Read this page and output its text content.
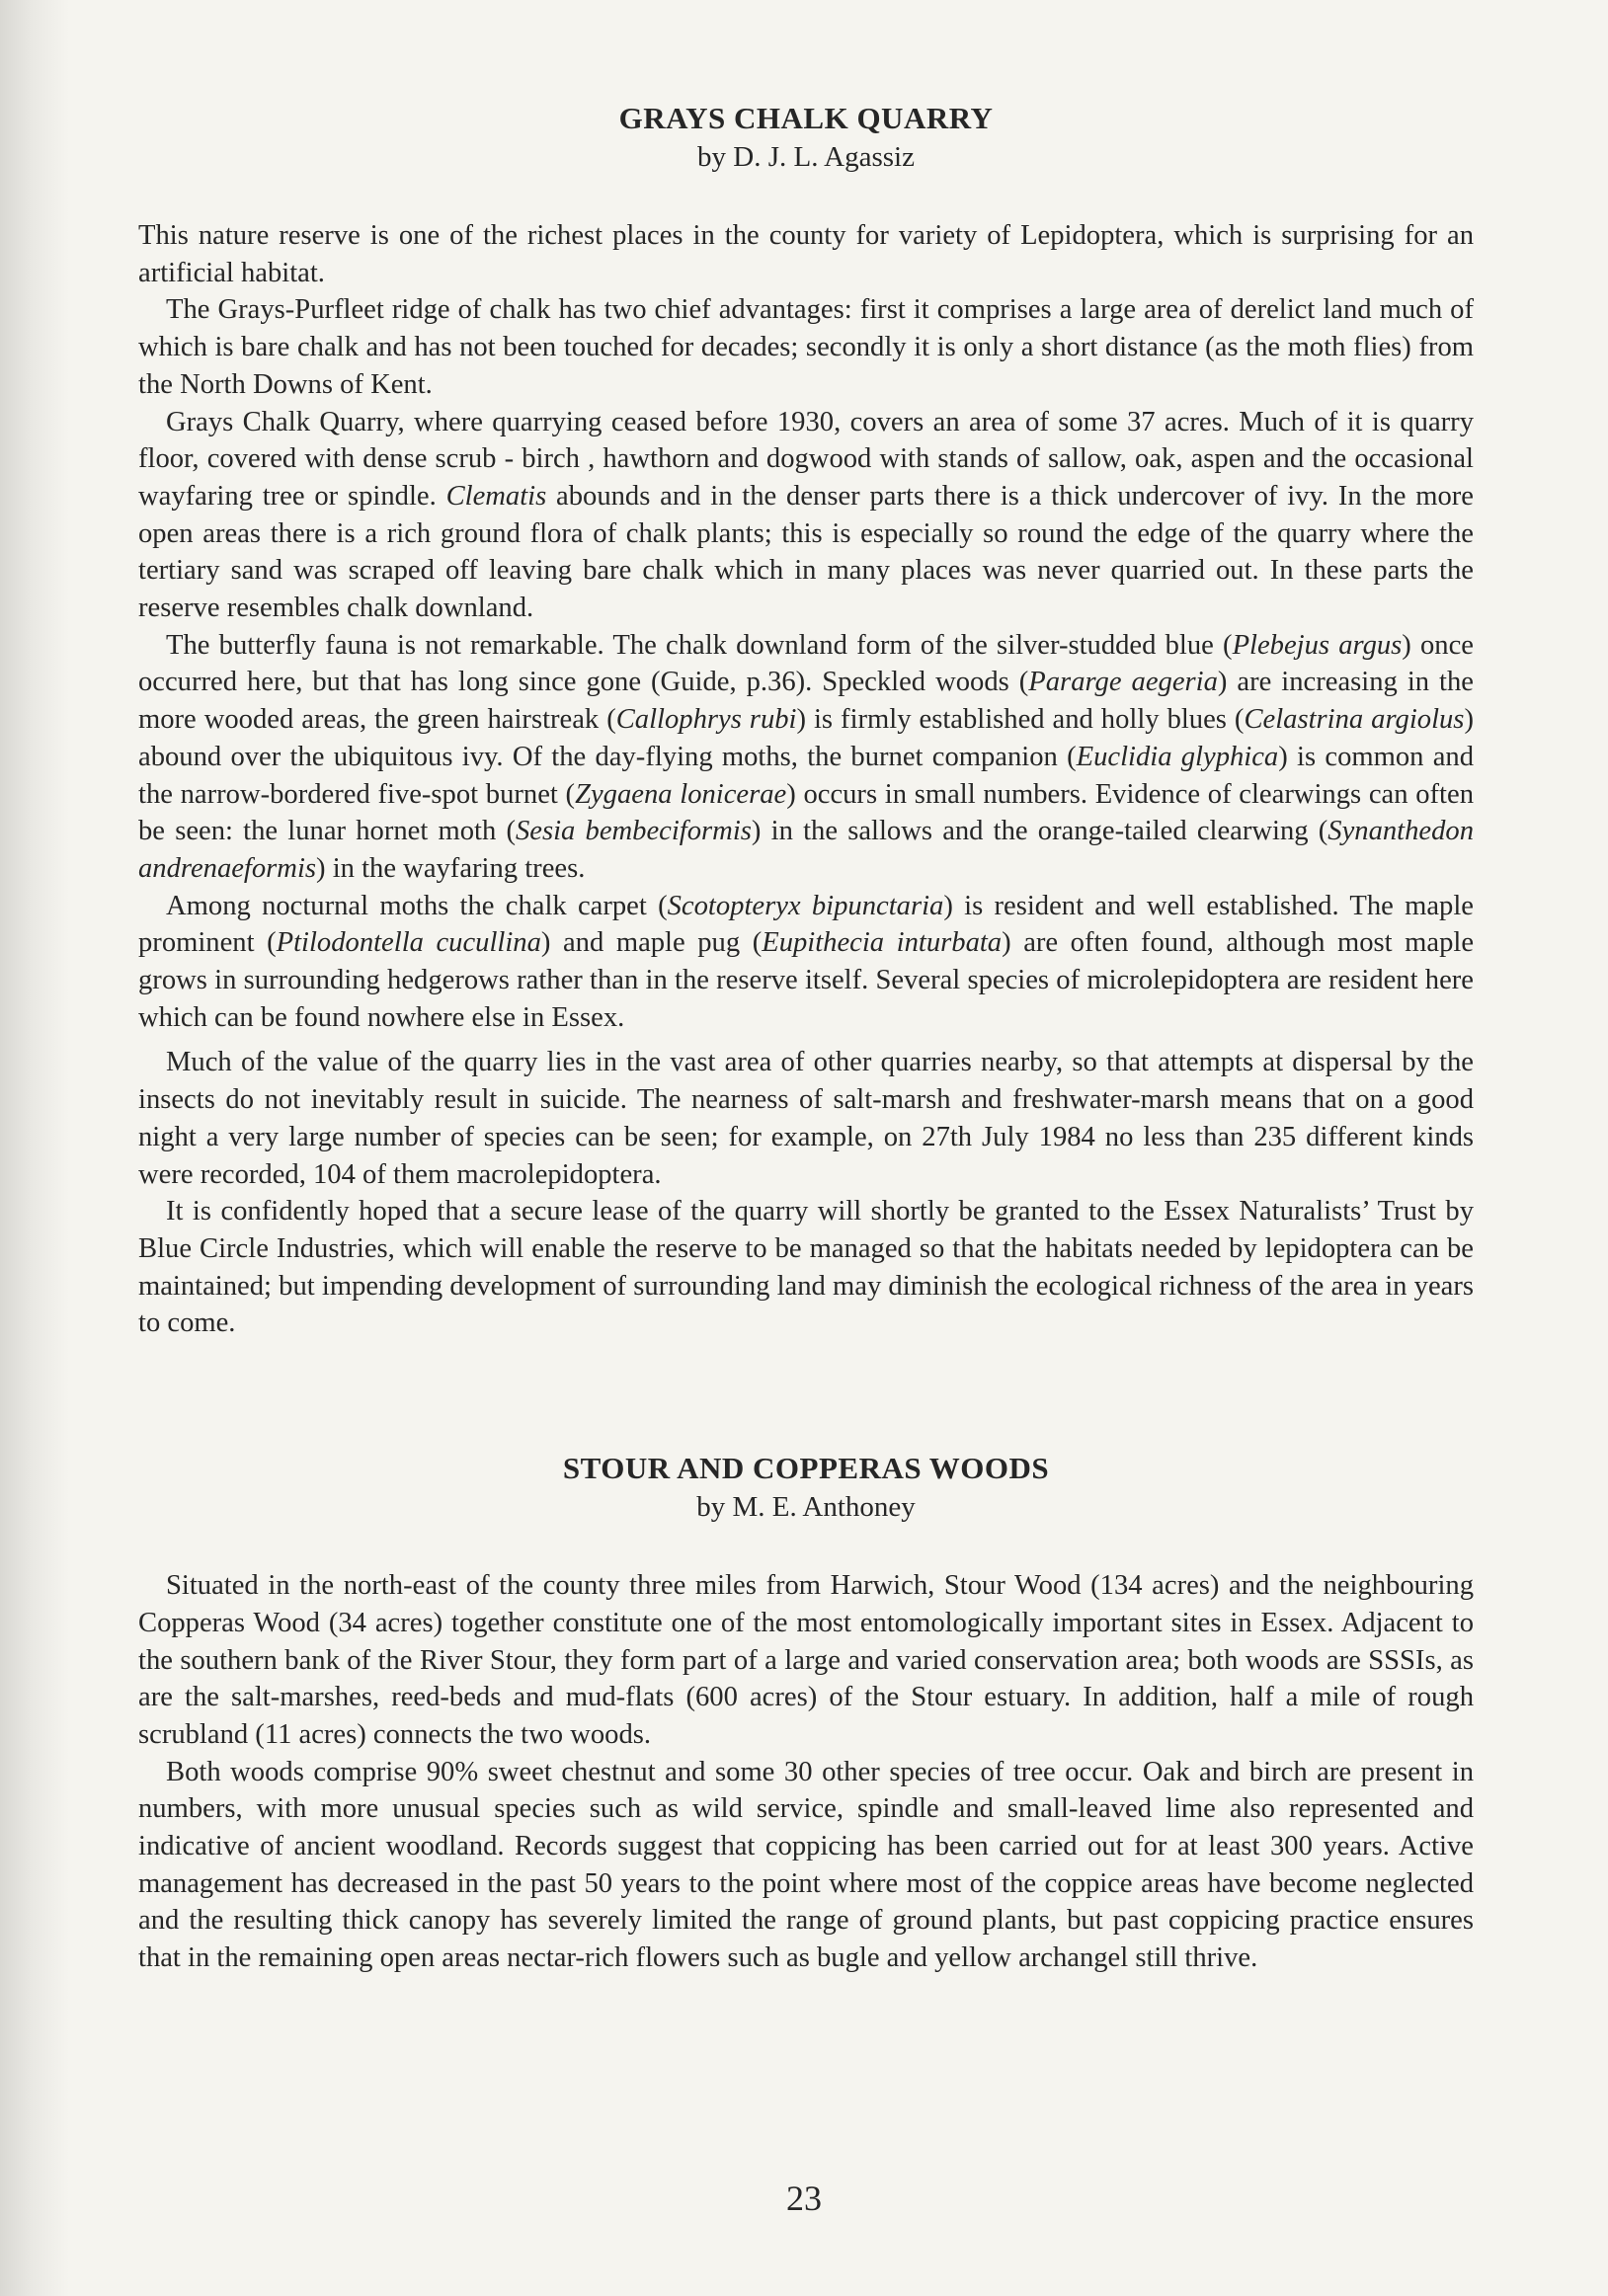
GRAYS CHALK QUARRY
by D. J. L. Agassiz

This nature reserve is one of the richest places in the county for variety of Lepidoptera, which is surprising for an artificial habitat.

The Grays-Purfleet ridge of chalk has two chief advantages: first it comprises a large area of derelict land much of which is bare chalk and has not been touched for decades; secondly it is only a short distance (as the moth flies) from the North Downs of Kent.

Grays Chalk Quarry, where quarrying ceased before 1930, covers an area of some 37 acres. Much of it is quarry floor, covered with dense scrub - birch , hawthorn and dogwood with stands of sallow, oak, aspen and the occasional wayfaring tree or spindle. Clematis abounds and in the denser parts there is a thick undercover of ivy. In the more open areas there is a rich ground flora of chalk plants; this is especially so round the edge of the quarry where the tertiary sand was scraped off leaving bare chalk which in many places was never quarried out. In these parts the reserve resembles chalk downland.

The butterfly fauna is not remarkable. The chalk downland form of the silver-studded blue (Plebejus argus) once occurred here, but that has long since gone (Guide, p.36). Speckled woods (Pararge aegeria) are increasing in the more wooded areas, the green hairstreak (Callophrys rubi) is firmly established and holly blues (Celastrina argiolus) abound over the ubiquitous ivy. Of the day-flying moths, the burnet companion (Euclidia glyphica) is common and the narrow-bordered five-spot burnet (Zygaena lonicerae) occurs in small numbers. Evidence of clearwings can often be seen: the lunar hornet moth (Sesia bembeciformis) in the sallows and the orange-tailed clearwing (Synanthedon andrenaeformis) in the wayfaring trees.

Among nocturnal moths the chalk carpet (Scotopteryx bipunctaria) is resident and well established. The maple prominent (Ptilodontella cucullina) and maple pug (Eupithecia inturbata) are often found, although most maple grows in surrounding hedgerows rather than in the reserve itself. Several species of microlepidoptera are resident here which can be found nowhere else in Essex.

Much of the value of the quarry lies in the vast area of other quarries nearby, so that attempts at dispersal by the insects do not inevitably result in suicide. The nearness of salt-marsh and freshwater-marsh means that on a good night a very large number of species can be seen; for example, on 27th July 1984 no less than 235 different kinds were recorded, 104 of them macrolepidoptera.

It is confidently hoped that a secure lease of the quarry will shortly be granted to the Essex Naturalists’ Trust by Blue Circle Industries, which will enable the reserve to be managed so that the habitats needed by lepidoptera can be maintained; but impending development of surrounding land may diminish the ecological richness of the area in years to come.

STOUR AND COPPERAS WOODS
by M. E. Anthoney

Situated in the north-east of the county three miles from Harwich, Stour Wood (134 acres) and the neighbouring Copperas Wood (34 acres) together constitute one of the most entomologically important sites in Essex. Adjacent to the southern bank of the River Stour, they form part of a large and varied conservation area; both woods are SSSIs, as are the salt-marshes, reed-beds and mud-flats (600 acres) of the Stour estuary. In addition, half a mile of rough scrubland (11 acres) connects the two woods.

Both woods comprise 90% sweet chestnut and some 30 other species of tree occur. Oak and birch are present in numbers, with more unusual species such as wild service, spindle and small-leaved lime also represented and indicative of ancient woodland. Records suggest that coppicing has been carried out for at least 300 years. Active management has decreased in the past 50 years to the point where most of the coppice areas have become neglected and the resulting thick canopy has severely limited the range of ground plants, but past coppicing practice ensures that in the remaining open areas nectar-rich flowers such as bugle and yellow archangel still thrive.

23
